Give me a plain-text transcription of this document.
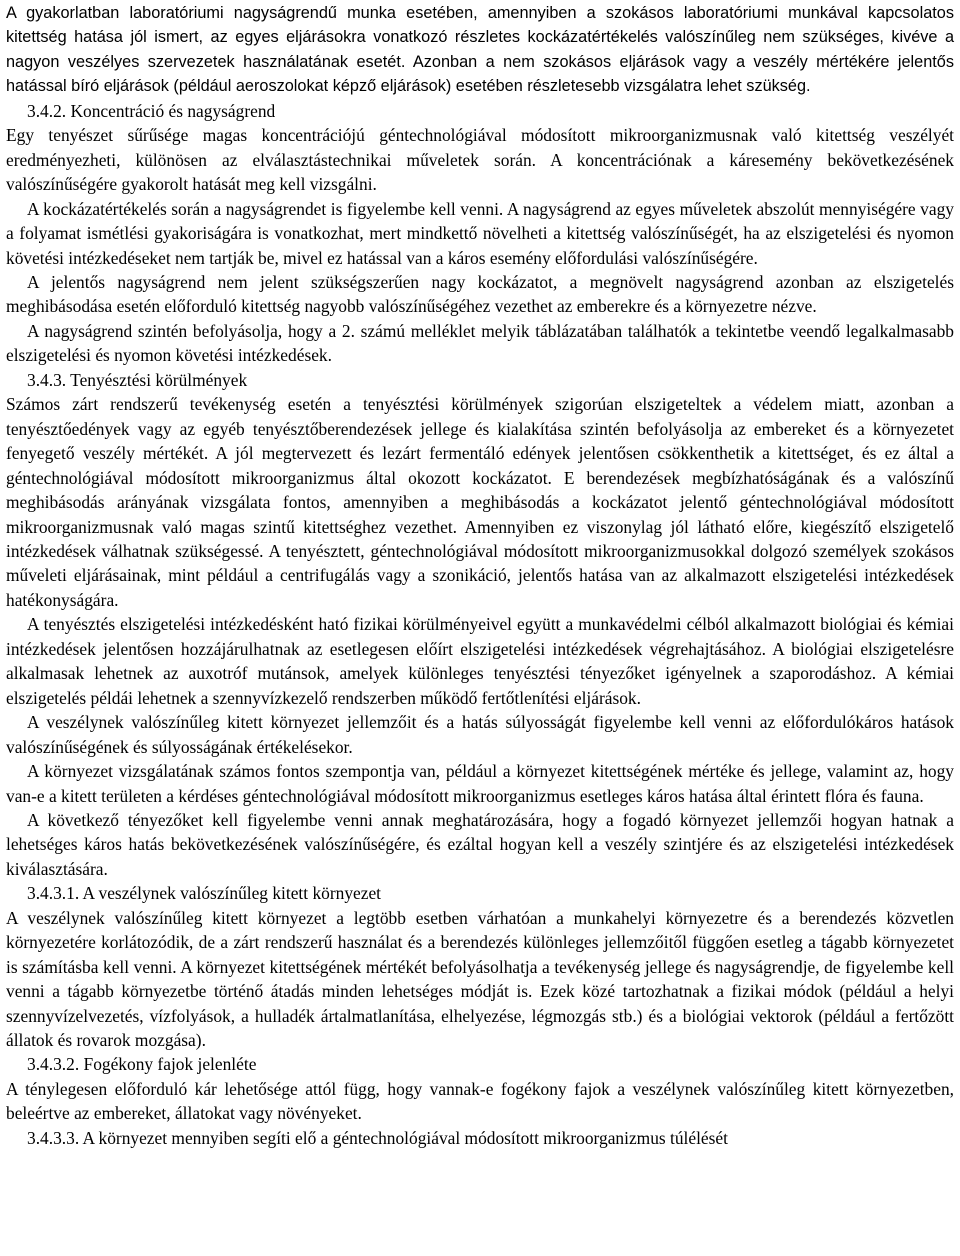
A gyakorlatban laboratóriumi nagyságrendű munka esetében, amennyiben a szokásos laboratóriumi munkával kapcsolatos kitettség hatása jól ismert, az egyes eljárásokra vonatkozó részletes kockázatértékelés valószínűleg nem szükséges, kivéve a nagyon veszélyes szervezetek használatának esetét. Azonban a nem szokásos eljárások vagy a veszély mértékére jelentős hatással bíró eljárások (például aeroszolokat képző eljárások) esetében részletesebb vizsgálatra lehet szükség.

3.4.2. Koncentráció és nagyságrend

Egy tenyészet sűrűsége magas koncentrációjú géntechnológiával módosított mikroorganizmusnak való kitettség veszélyét eredményezheti, különösen az elválasztástechnikai műveletek során. A koncentrációnak a káresemény bekövetkezésének valószínűségére gyakorolt hatását meg kell vizsgálni.

A kockázatértékelés során a nagyságrendet is figyelembe kell venni. A nagyságrend az egyes műveletek abszolút mennyiségére vagy a folyamat ismétlési gyakoriságára is vonatkozhat, mert mindkettő növelheti a kitettség valószínűségét, ha az elszigetelési és nyomon követési intézkedéseket nem tartják be, mivel ez hatással van a káros esemény előfordulási valószínűségére.

A jelentős nagyságrend nem jelent szükségszerűen nagy kockázatot, a megnövelt nagyságrend azonban az elszigetelés meghibásodása esetén előforduló kitettség nagyobb valószínűségéhez vezethet az emberekre és a környezetre nézve.

A nagyságrend szintén befolyásolja, hogy a 2. számú melléklet melyik táblázatában találhatók a tekintetbe veendő legalkalmasabb elszigetelési és nyomon követési intézkedések.

3.4.3. Tenyésztési körülmények

Számos zárt rendszerű tevékenység esetén a tenyésztési körülmények szigorúan elszigeteltek a védelem miatt, azonban a tenyésztőedények vagy az egyéb tenyésztőberendezések jellege és kialakítása szintén befolyásolja az embereket és a környezetet fenyegető veszély mértékét. A jól megtervezett és lezárt fermentáló edények jelentősen csökkenthetik a kitettséget, és ez által a géntechnológiával módosított mikroorganizmus által okozott kockázatot. E berendezések megbízhatóságának és a valószínű meghibásodás arányának vizsgálata fontos, amennyiben a meghibásodás a kockázatot jelentő géntechnológiával módosított mikroorganizmusnak való magas szintű kitettséghez vezethet. Amennyiben ez viszonylag jól látható előre, kiegészítő elszigetelő intézkedések válhatnak szükségessé. A tenyésztett, géntechnológiával módosított mikroorganizmusokkal dolgozó személyek szokásos műveleti eljárásainak, mint például a centrifugálás vagy a szonikáció, jelentős hatása van az alkalmazott elszigetelési intézkedések hatékonyságára.

A tenyésztés elszigetelési intézkedésként ható fizikai körülményeivel együtt a munkavédelmi célból alkalmazott biológiai és kémiai intézkedések jelentősen hozzájárulhatnak az esetlegesen előírt elszigetelési intézkedések végrehajtásához. A biológiai elszigetelésre alkalmasak lehetnek az auxotróf mutánsok, amelyek különleges tenyésztési tényezőket igényelnek a szaporodáshoz. A kémiai elszigetelés példái lehetnek a szennyvízkezelő rendszerben működő fertőtlenítési eljárások.

A veszélynek valószínűleg kitett környezet jellemzőit és a hatás súlyosságát figyelembe kell venni az előfordulókáros hatások valószínűségének és súlyosságának értékelésekor.

A környezet vizsgálatának számos fontos szempontja van, például a környezet kitettségének mértéke és jellege, valamint az, hogy van-e a kitett területen a kérdéses géntechnológiával módosított mikroorganizmus esetleges káros hatása által érintett flóra és fauna.

A következő tényezőket kell figyelembe venni annak meghatározására, hogy a fogadó környezet jellemzői hogyan hatnak a lehetséges káros hatás bekövetkezésének valószínűségére, és ezáltal hogyan kell a veszély szintjére és az elszigetelési intézkedések kiválasztására.

3.4.3.1. A veszélynek valószínűleg kitett környezet

A veszélynek valószínűleg kitett környezet a legtöbb esetben várhatóan a munkahelyi környezetre és a berendezés közvetlen környezetére korlátozódik, de a zárt rendszerű használat és a berendezés különleges jellemzőitől függően esetleg a tágabb környezetet is számításba kell venni. A környezet kitettségének mértékét befolyásolhatja a tevékenység jellege és nagyságrendje, de figyelembe kell venni a tágabb környezetbe történő átadás minden lehetséges módját is. Ezek közé tartozhatnak a fizikai módok (például a helyi szennyvízelvezetés, vízfolyások, a hulladék ártalmatlanítása, elhelyezése, légmozgás stb.) és a biológiai vektorok (például a fertőzött állatok és rovarok mozgása).

3.4.3.2. Fogékony fajok jelenléte

A ténylegesen előforduló kár lehetősége attól függ, hogy vannak-e fogékony fajok a veszélynek valószínűleg kitett környezetben, beleértve az embereket, állatokat vagy növényeket.

3.4.3.3. A környezet mennyiben segíti elő a géntechnológiával módosított mikroorganizmus túlélését
